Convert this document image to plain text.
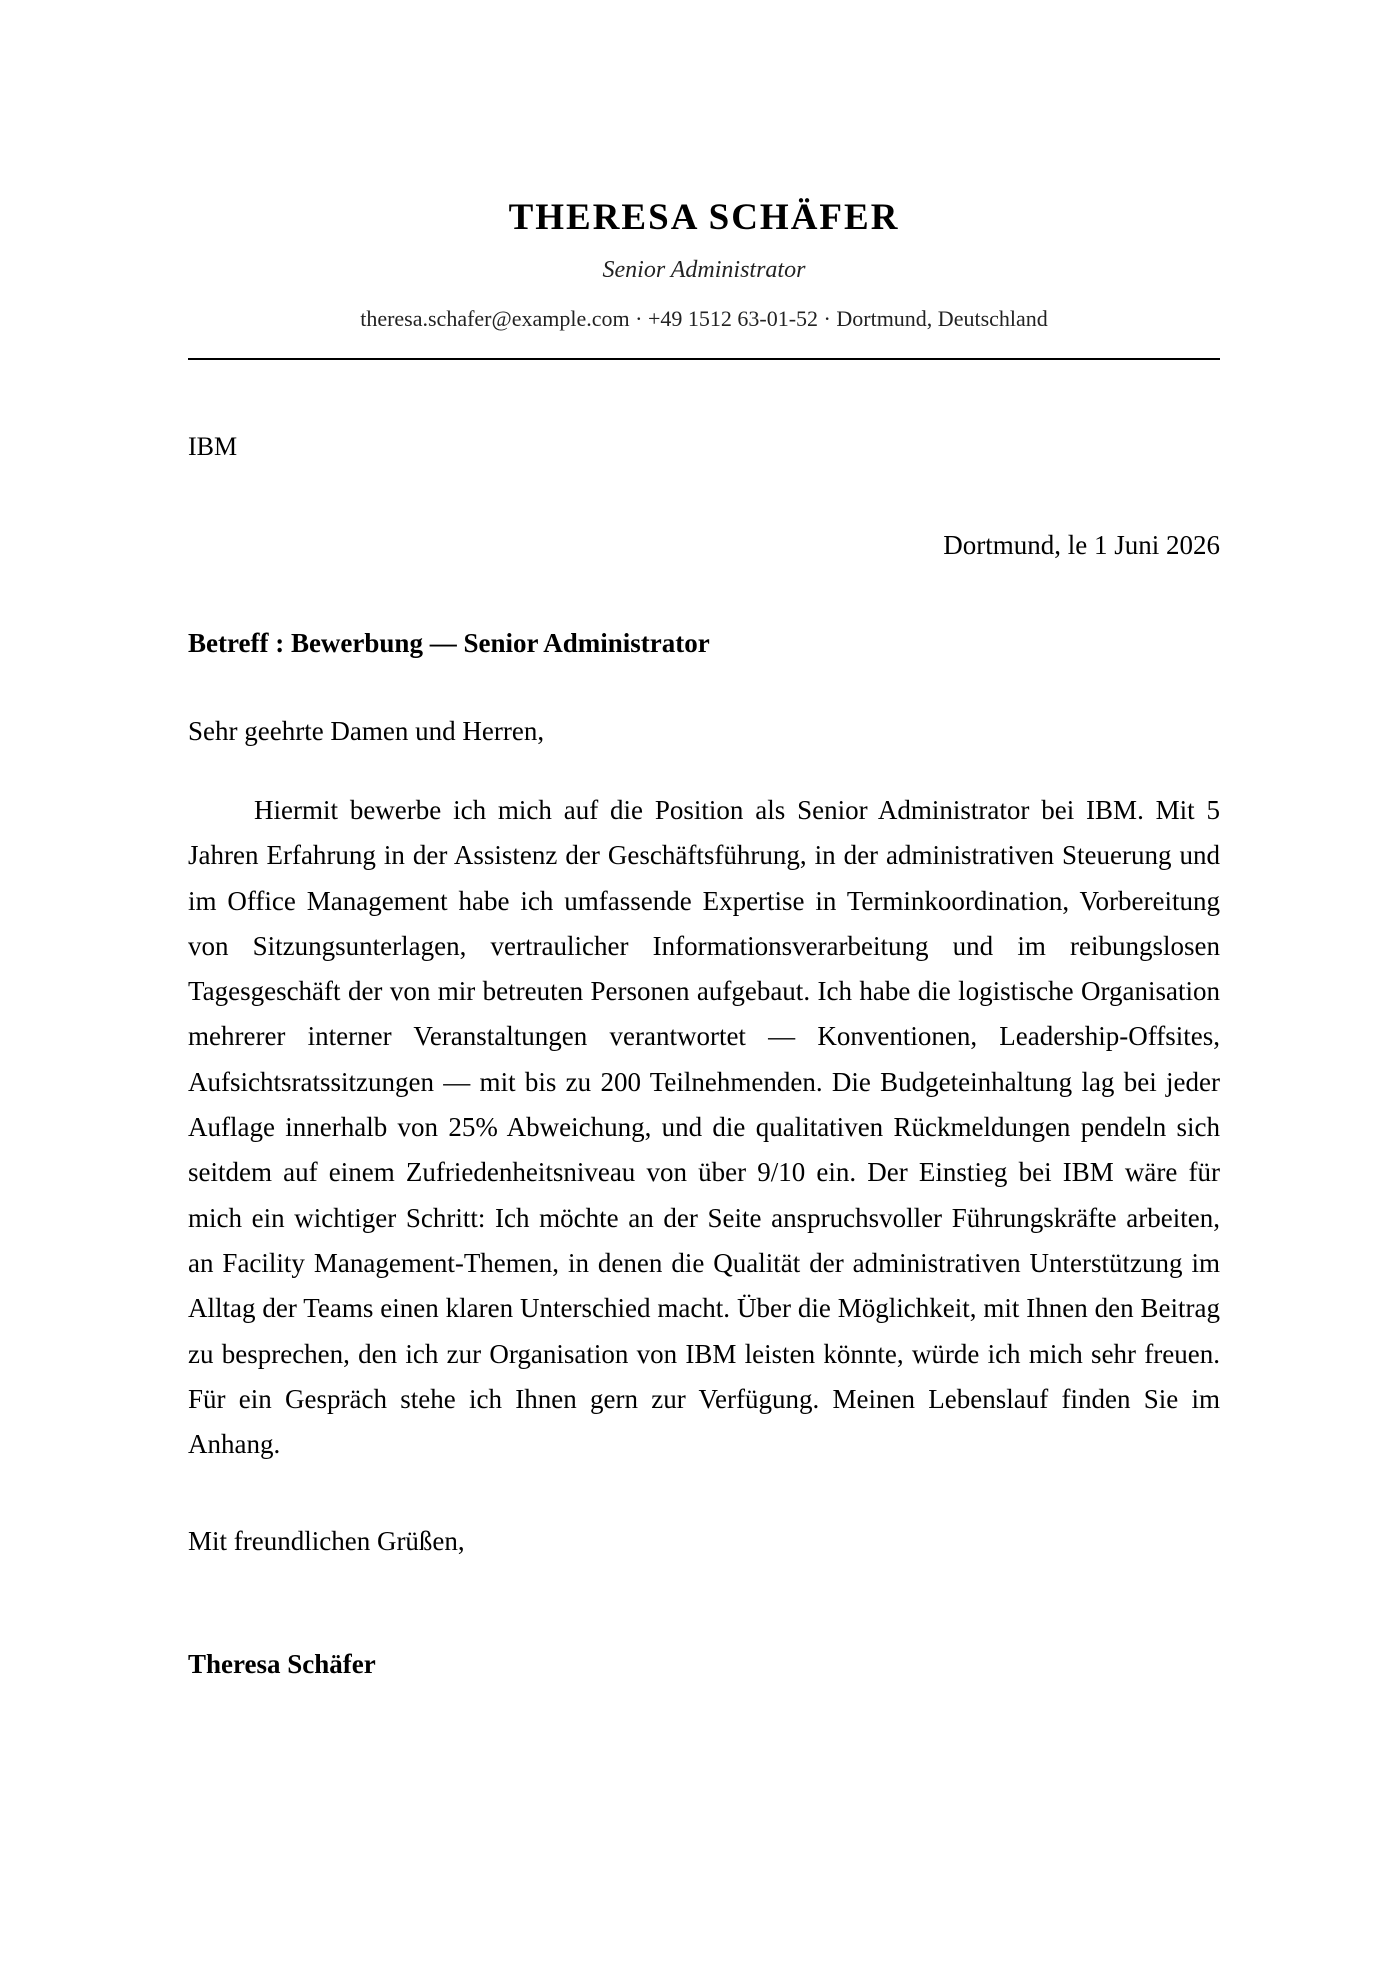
THERESA SCHÄFER
Senior Administrator
theresa.schafer@example.com · +49 1512 63-01-52 · Dortmund, Deutschland
IBM
Dortmund, le 1 Juni 2026
Betreff : Bewerbung — Senior Administrator
Sehr geehrte Damen und Herren,

Hiermit bewerbe ich mich auf die Position als Senior Administrator bei IBM. Mit 5 Jahren Erfahrung in der Assistenz der Geschäftsführung, in der administrativen Steuerung und im Office Management habe ich umfassende Expertise in Terminkoordination, Vorbereitung von Sitzungsunterlagen, vertraulicher Informationsverarbeitung und im reibungslosen Tagesgeschäft der von mir betreuten Personen aufgebaut. Ich habe die logistische Organisation mehrerer interner Veranstaltungen verantwortet — Konventionen, Leadership-Offsites, Aufsichtsratssitzungen — mit bis zu 200 Teilnehmenden. Die Budgeteinhaltung lag bei jeder Auflage innerhalb von 25% Abweichung, und die qualitativen Rückmeldungen pendeln sich seitdem auf einem Zufriedenheitsniveau von über 9/10 ein. Der Einstieg bei IBM wäre für mich ein wichtiger Schritt: Ich möchte an der Seite anspruchsvoller Führungskräfte arbeiten, an Facility Management-Themen, in denen die Qualität der administrativen Unterstützung im Alltag der Teams einen klaren Unterschied macht. Über die Möglichkeit, mit Ihnen den Beitrag zu besprechen, den ich zur Organisation von IBM leisten könnte, würde ich mich sehr freuen. Für ein Gespräch stehe ich Ihnen gern zur Verfügung. Meinen Lebenslauf finden Sie im Anhang.

Mit freundlichen Grüßen,
Theresa Schäfer
